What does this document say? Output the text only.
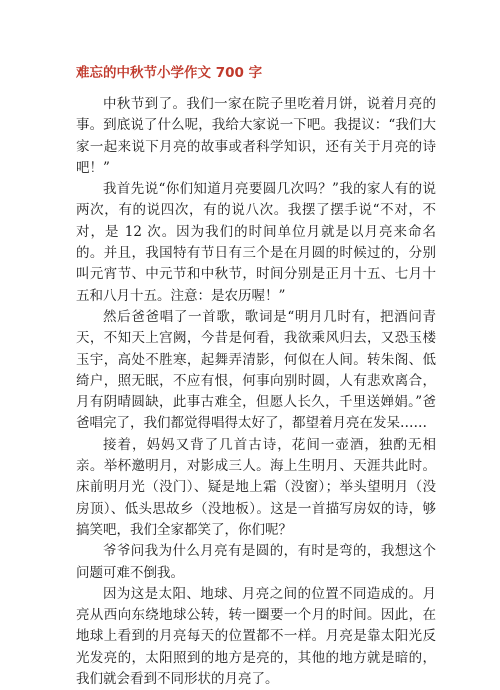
难忘的中秋节小学作文 700 字

中秋节到了。我们一家在院子里吃着月饼，说着月亮的事。到底说了什么呢，我给大家说一下吧。我提议：“我们大家一起来说下月亮的故事或者科学知识，还有关于月亮的诗吧！”

我首先说“你们知道月亮要圆几次吗？”我的家人有的说两次，有的说四次，有的说八次。我摆了摆手说“不对，不对，是 12 次。因为我们的时间单位月就是以月亮来命名的。并且，我国特有节日有三个是在月圆的时候过的，分别叫元宵节、中元节和中秋节，时间分别是正月十五、七月十五和八月十五。注意：是农历喔！”

然后爸爸唱了一首歌，歌词是“明月几时有，把酒问青天，不知天上宫阙，今昔是何看，我欲乘风归去，又恐玉楼玉宇，高处不胜寒，起舞弄清影，何似在人间。转朱阁、低绮户，照无眠，不应有恨，何事向别时圆，人有悲欢离合，月有阴晴圆缺，此事古难全，但愿人长久，千里送婵娟。”爸爸唱完了，我们都觉得唱得太好了，都望着月亮在发呆……

接着，妈妈又背了几首古诗，花间一壶酒，独酌无相亲。举杯邀明月，对影成三人。海上生明月、天涯共此时。床前明月光（没门）、疑是地上霜（没窗）；举头望明月（没房顶）、低头思故乡（没地板）。这是一首描写房奴的诗，够搞笑吧，我们全家都笑了，你们呢？

爷爷问我为什么月亮有是圆的，有时是弯的，我想这个问题可难不倒我。

因为这是太阳、地球、月亮之间的位置不同造成的。月亮从西向东绕地球公转，转一圈要一个月的时间。因此，在地球上看到的月亮每天的位置都不一样。月亮是靠太阳光反光发亮的，太阳照到的地方是亮的，其他的地方就是暗的，我们就会看到不同形状的月亮了。
